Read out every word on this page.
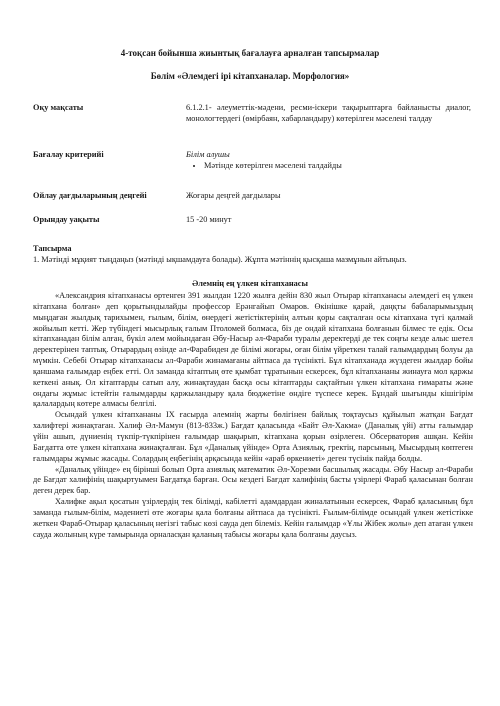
4-тоқсан бойынша жиынтық бағалауға арналған тапсырмалар
Бөлім «Әлемдегі ірі кітапханалар. Морфология»
Оқу мақсаты	6.1.2.1- әлеуметтік-мәдени, ресми-іскери тақырыптарға байланысты диалог, монологтердегі (өмірбаян, хабарландыру) көтерілген мәселені талдау
Бағалау критерийі	Білім алушы
• Мәтінде көтерілген мәселені талдайды
Ойлау дағдыларының деңгейі	Жоғары деңгей дағдылары
Орындау уақыты	15 -20 минут
Тапсырма
1. Мәтінді мұқият тыңдаңыз (мәтінді ықшамдауға болады). Жұпта мәтіннің қысқаша мазмұнын айтыңыз.
Әлемнің ең үлкен кітапханасы

«Александрия кітапханасы өртенген 391 жылдан 1220 жылға дейін 830 жыл Отырар кітапханасы әлемдегі ең үлкен кітапхана болған» деп қорытындылайды профессор Ерәнгайып Омаров. Өкінішке қарай, даңқты бабаларымыздың мыңдаған жылдық тарихымен, ғылым, білім, өнердегі жетістіктерінің алтын қоры сақталған осы кітапхана түгі қалмай жойылып кетті. Жер түбіндегі мысырлық ғалым Птоломей болмаса, біз де ондай кітапхана болғанын білмес те едік. Осы кітапханадан білім алған, бүкіл әлем мойындаған Әбу-Насыр әл-Фараби туралы деректерді де тек соңғы кезде алыс шетел деректерінен таптық. Отырардың өзінде әл-Фарабиден де білімі жоғары, оған білім үйреткен талай ғалымдардың болуы да мүмкін. Себебі Отырар кітапханасы әл-Фараби жинамағаны айтпаса да түсінікті. Бұл кітапханада жүздеген жылдар бойы қаншама ғалымдар еңбек етті. Ол заманда кітаптың өте қымбат тұратынын ескерсек, бұл кітапхананы жинауға мол қаржы кеткені анық. Ол кітаптарды сатып алу, жинақтаудан басқа осы кітаптарды сақтайтын үлкен кітапхана ғимараты және ондағы жұмыс істейтін ғалымдарды қаржыландыру қала бюджетіне өндіге түспесе керек. Бұндай шығынды кішігірім қалалардың көтере алмасы белгілі.

Осындай үлкен кітапхананы IX ғасырда әлемнің жарты бөлігінен байлық тоқтаусыз құйылып жатқан Бағдат халифтері жинақтаған. Халиф Әл-Мамун (813-833ж.) Бағдат қаласында «Байт Әл-Хакма» (Даналық үйі) атты ғалымдар үйін ашып, дүниенің түкпір-түкпірінен ғалымдар шақырып, кітапхана қорын өзірлеген. Обсерватория ашқан. Кейін Бағдатта өте үлкен кітапхана жинақталған. Бұл «Даналық үйінде» Орта Азиялық, гректің, парсының, Мысырдың көптеген ғалымдары жұмыс жасады. Солардың еңбегінің арқасында кейін «араб өркениеті» деген түсінік пайда болды.

«Даналық үйінде» ең бірінші болып Орта азиялық математик Әл-Хорезми басшылық жасады. Әбу Насыр әл-Фараби де Бағдат халифінің шақыртуымен Бағдатқа барған. Осы кездегі Бағдат халифінің басты үзірлері Фараб қаласынан болған деген дерек бар.

Халифке ақыл қосатын үзірлердің тек білімді, кабілетті адамдардан жиналатынын ескерсек, Фараб қаласының бұл заманда ғылым-білім, мәдениеті өте жоғары қала болғаны айтпаса да түсінікті. Ғылым-білімде осындай үлкен жетістікке жеткен Фараб-Отырар қаласының негізгі табыс көзі сауда деп білеміз. Кейін ғалымдар «Ұлы Жібек жолы» деп атаған үлкен сауда жолының күре тамырында орналасқан қаланың табысы жоғары қала болғаны даусыз.
